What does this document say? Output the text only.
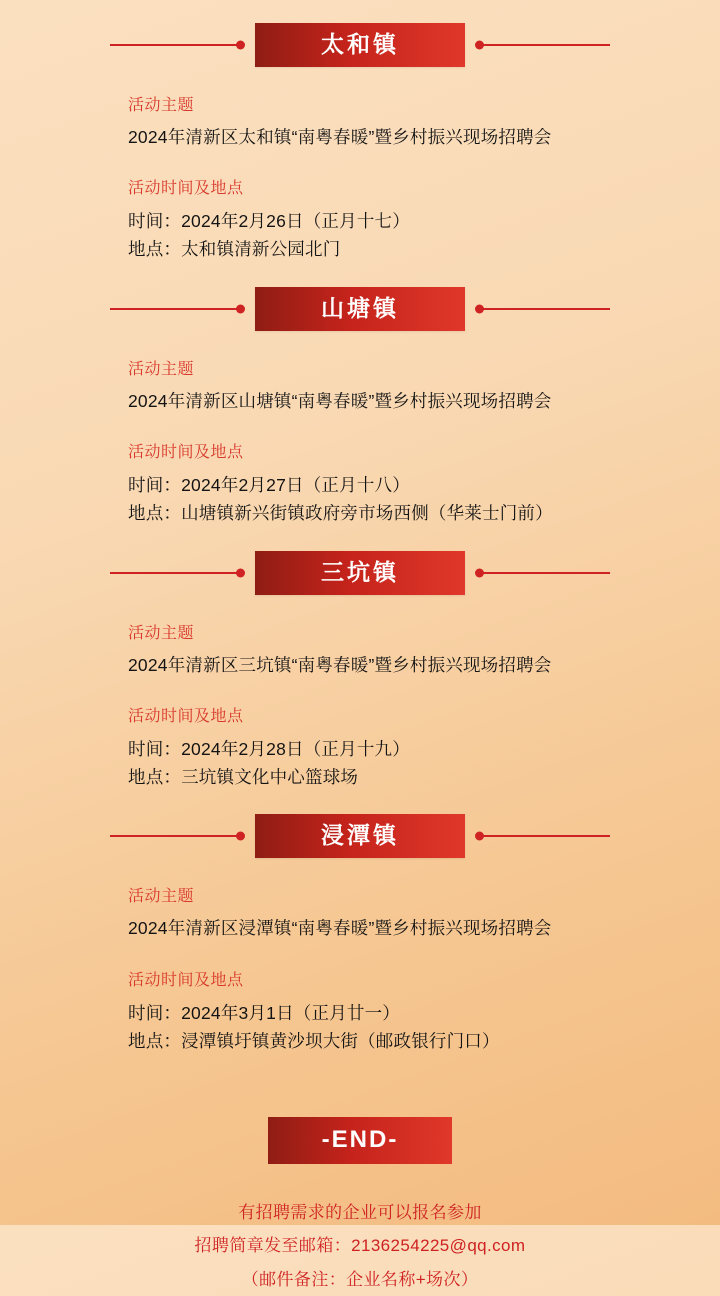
太和镇
活动主题
2024年清新区太和镇“南粤春暖”暨乡村振兴现场招聘会
活动时间及地点
时间：2024年2月26日（正月十七）
地点：太和镇清新公园北门
山塘镇
活动主题
2024年清新区山塘镇“南粤春暖”暨乡村振兴现场招聘会
活动时间及地点
时间：2024年2月27日（正月十八）
地点：山塘镇新兴街镇政府旁市场西侧（华莱士门前）
三坑镇
活动主题
2024年清新区三坑镇“南粤春暖”暨乡村振兴现场招聘会
活动时间及地点
时间：2024年2月28日（正月十九）
地点：三坑镇文化中心篮球场
浸潭镇
活动主题
2024年清新区浸潭镇“南粤春暖”暨乡村振兴现场招聘会
活动时间及地点
时间：2024年3月1日（正月廿一）
地点：浸潭镇圩镇黄沙坝大街（邮政银行门口）
-END-
有招聘需求的企业可以报名参加
招聘简章发至邮箱：2136254225@qq.com
（邮件备注：企业名称+场次）
